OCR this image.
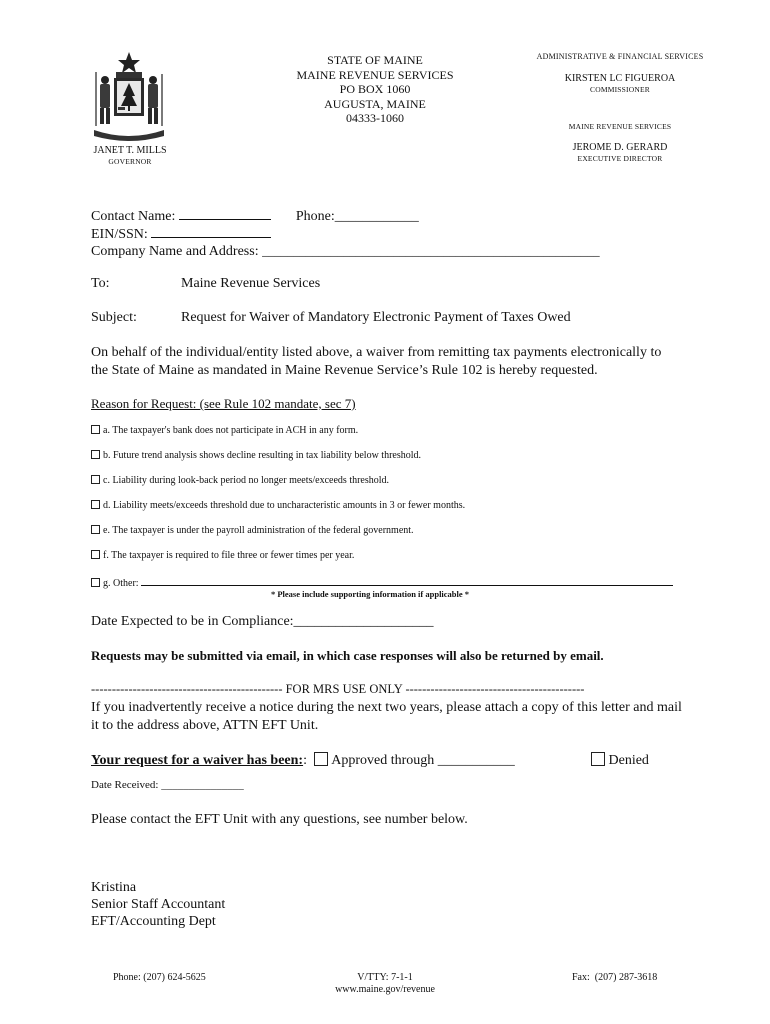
JANET T. MILLS
GOVERNOR
STATE OF MAINE
MAINE REVENUE SERVICES
PO BOX 1060
AUGUSTA, MAINE
04333-1060
ADMINISTRATIVE & FINANCIAL SERVICES
KIRSTEN LC FIGUEROA
COMMISSIONER
MAINE REVENUE SERVICES
JEROME D. GERARD
EXECUTIVE DIRECTOR
Contact Name:	Phone:____________
EIN/SSN:
Company Name and Address: ______________________________________________________
To:	Maine Revenue Services
Subject:	Request for Waiver of Mandatory Electronic Payment of Taxes Owed
On behalf of the individual/entity listed above, a waiver from remitting tax payments electronically to the State of Maine as mandated in Maine Revenue Service’s Rule 102 is hereby requested.
Reason for Request: (see Rule 102 mandate, sec 7)
a. The taxpayer's bank does not participate in ACH in any form.
b. Future trend analysis shows decline resulting in tax liability below threshold.
c. Liability during look-back period no longer meets/exceeds threshold.
d. Liability meets/exceeds threshold due to uncharacteristic amounts in 3 or fewer months.
e. The taxpayer is under the payroll administration of the federal government.
f. The taxpayer is required to file three or fewer times per year.
g. Other:
* Please include supporting information if applicable *
Date Expected to be in Compliance:____________________
Requests may be submitted via email, in which case responses will also be returned by email.
---------------------------------------------- FOR MRS USE ONLY -------------------------------------------
If you inadvertently receive a notice during the next two years, please attach a copy of this letter and mail it to the address above, ATTN EFT Unit.
Your request for a waiver has been:: Approved through ___________	Denied
Date Received: _______________
Please contact the EFT Unit with any questions, see number below.
Kristina
Senior Staff Accountant
EFT/Accounting Dept
Phone: (207) 624-5625	V/TTY: 7-1-1
www.maine.gov/revenue
Fax:  (207) 287-3618
